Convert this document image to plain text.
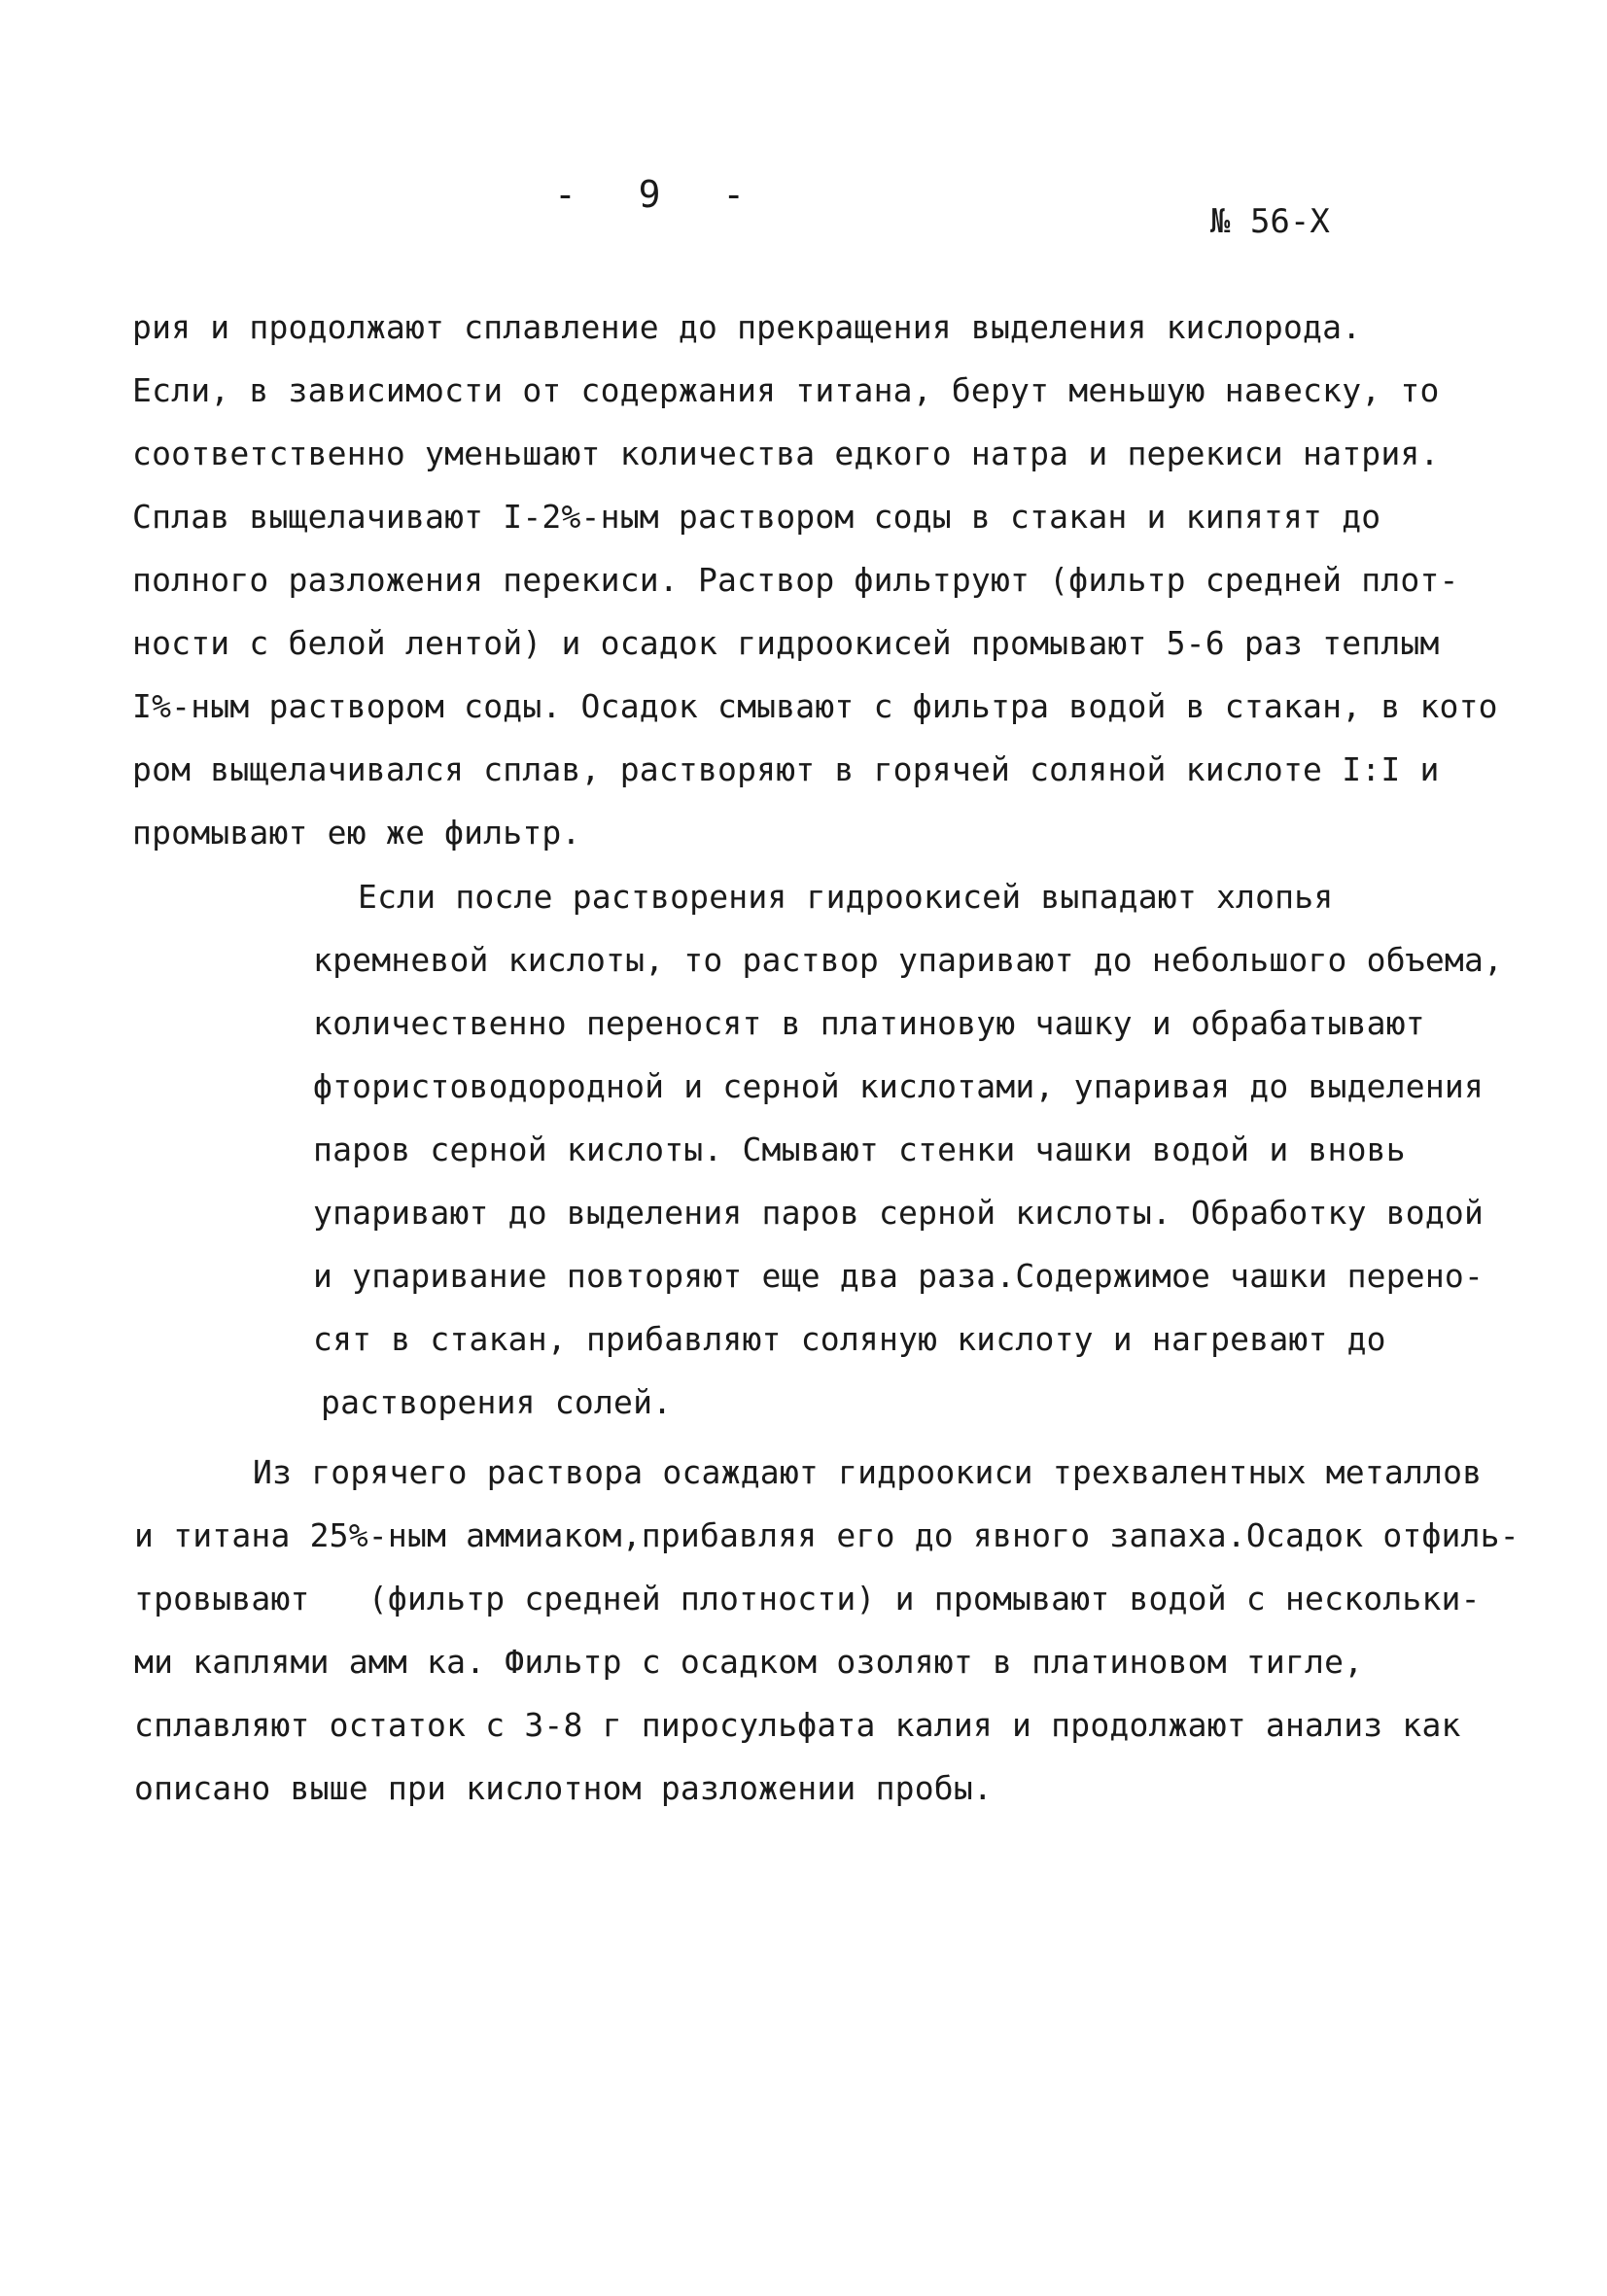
-  9  -
№ 56-Х
рия и продолжают сплавление до прекращения выделения кислорода.
Если, в зависимости от содержания титана, берут меньшую навеску, то
соответственно уменьшают количества едкого натра и перекиси натрия.
Сплав выщелачивают I-2%-ным раствором соды в стакан и кипятят до
полного разложения перекиси. Раствор фильтруют (фильтр средней плот-
ности с белой лентой) и осадок гидроокисей промывают 5-6 раз теплым
I%-ным раствором соды. Осадок смывают с фильтра водой в стакан, в кото
ром выщелачивался сплав, растворяют в горячей соляной кислоте I:I и
промывают ею же фильтр.
Если после растворения гидроокисей выпадают хлопья
кремневой кислоты, то раствор упаривают до небольшого объема,
количественно переносят в платиновую чашку и обрабатывают
фтористоводородной и серной кислотами, упаривая до выделения
паров серной кислоты. Смывают стенки чашки водой и вновь
упаривают до выделения паров серной кислоты. Обработку водой
и упаривание повторяют еще два раза.Содержимое чашки перено-
сят в стакан, прибавляют соляную кислоту и нагревают до
растворения солей.
Из горячего раствора осаждают гидроокиси трехвалентных металлов
и титана 25%-ным аммиаком,прибавляя его до явного запаха.Осадок отфиль-
тровывают   (фильтр средней плотности) и промывают водой с нескольки-
ми каплями амм ка. Фильтр с осадком озоляют в платиновом тигле,
сплавляют остаток с 3-8 г пиросульфата калия и продолжают анализ как
описано выше при кислотном разложении пробы.
